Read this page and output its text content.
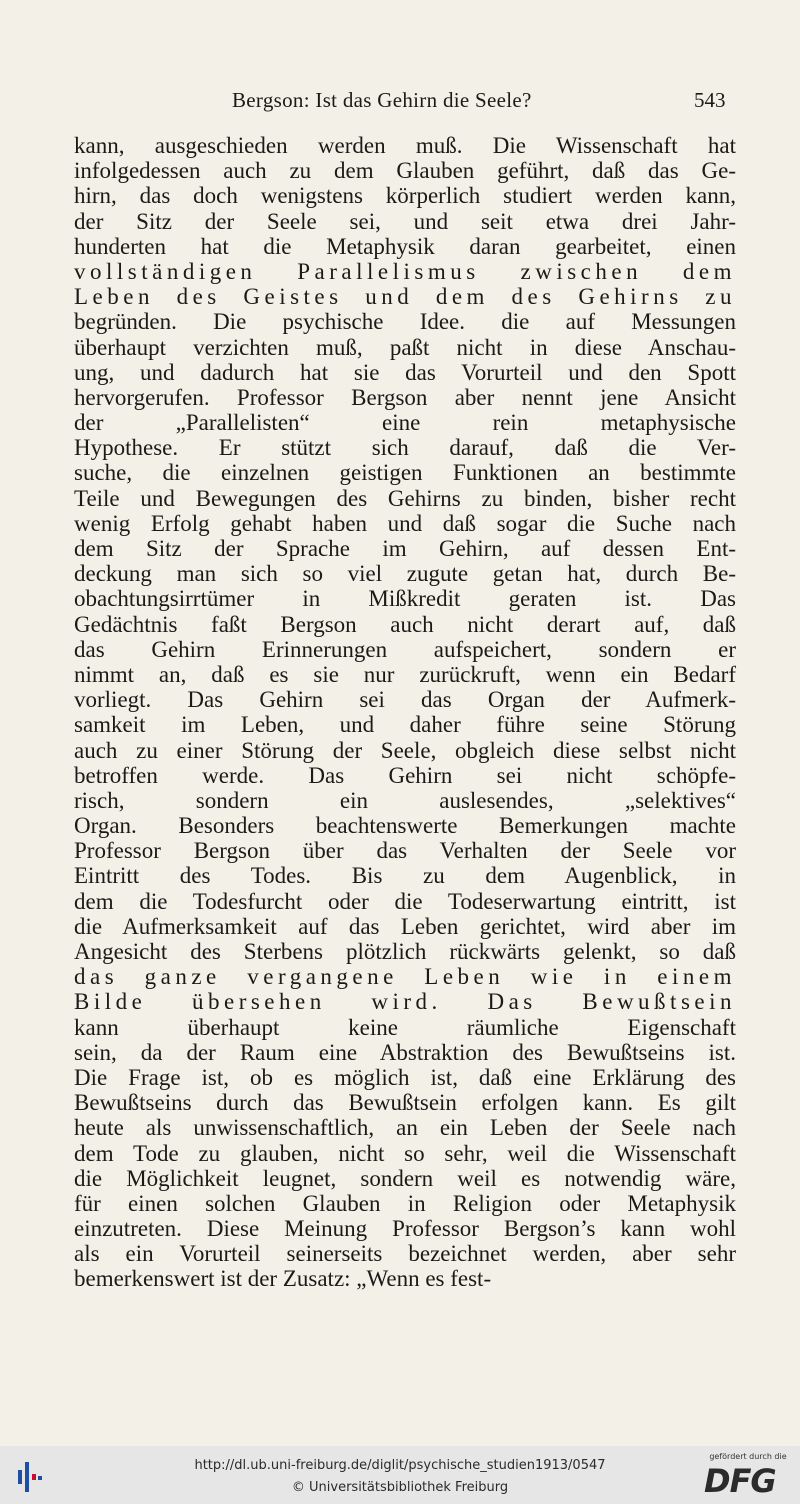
Bergson: Ist das Gehirn die Seele?	543
kann, ausgeschieden werden muß. Die Wissenschaft hat
infolgedessen auch zu dem Glauben geführt, daß das Ge-
hirn, das doch wenigstens körperlich studiert werden kann,
der Sitz der Seele sei, und seit etwa drei Jahr-
hunderten hat die Metaphysik daran gearbeitet, einen
vollständigen Parallelismus zwischen dem
Leben des Geistes und dem des Gehirns zu
begründen. Die psychische Idee. die auf Messungen
überhaupt verzichten muß, paßt nicht in diese Anschau-
ung, und dadurch hat sie das Vorurteil und den Spott
hervorgerufen. Professor Bergson aber nennt jene Ansicht
der „Parallelisten“ eine rein metaphysische
Hypothese. Er stützt sich darauf, daß die Ver-
suche, die einzelnen geistigen Funktionen an bestimmte
Teile und Bewegungen des Gehirns zu binden, bisher recht
wenig Erfolg gehabt haben und daß sogar die Suche nach
dem Sitz der Sprache im Gehirn, auf dessen Ent-
deckung man sich so viel zugute getan hat, durch Be-
obachtungsirrtümer in Mißkredit geraten ist. Das
Gedächtnis faßt Bergson auch nicht derart auf, daß
das Gehirn Erinnerungen aufspeichert, sondern er
nimmt an, daß es sie nur zurückruft, wenn ein Bedarf
vorliegt. Das Gehirn sei das Organ der Aufmerk-
samkeit im Leben, und daher führe seine Störung
auch zu einer Störung der Seele, obgleich diese selbst nicht
betroffen werde. Das Gehirn sei nicht schöpfe-
risch, sondern ein auslesendes, „selektives“
Organ. Besonders beachtenswerte Bemerkungen machte
Professor Bergson über das Verhalten der Seele vor
Eintritt des Todes. Bis zu dem Augenblick, in
dem die Todesfurcht oder die Todeserwartung eintritt, ist
die Aufmerksamkeit auf das Leben gerichtet, wird aber im
Angesicht des Sterbens plötzlich rückwärts gelenkt, so daß
das ganze vergangene Leben wie in einem
Bilde übersehen wird. Das Bewußtsein
kann überhaupt keine räumliche Eigenschaft
sein, da der Raum eine Abstraktion des Bewußtseins ist.
Die Frage ist, ob es möglich ist, daß eine Erklärung des
Bewußtseins durch das Bewußtsein erfolgen kann. Es gilt
heute als unwissenschaftlich, an ein Leben der Seele nach
dem Tode zu glauben, nicht so sehr, weil die Wissenschaft
die Möglichkeit leugnet, sondern weil es notwendig wäre,
für einen solchen Glauben in Religion oder Metaphysik
einzutreten. Diese Meinung Professor Bergson’s kann wohl
als ein Vorurteil seinerseits bezeichnet werden, aber sehr
bemerkenswert ist der Zusatz: „Wenn es fest-
http://dl.ub.uni-freiburg.de/diglit/psychische_studien1913/0547
© Universitätsbibliothek Freiburg
gefördert durch die
DFG
